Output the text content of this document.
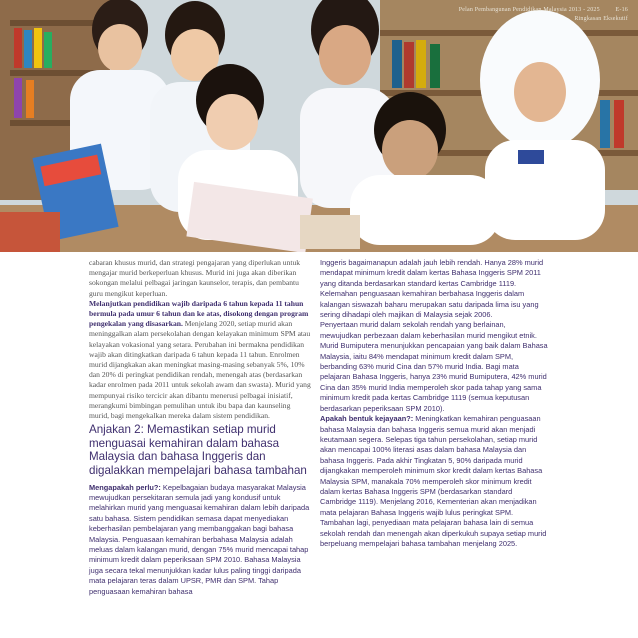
Pelan Pembangunan Pendidikan Malaysia 2013 - 2025	E-16
Ringkasan Eksekutif

cabaran khusus murid, dan strategi pengajaran yang diperlukan untuk mengajar murid berkeperluan khusus. Murid ini juga akan diberikan sokongan melalui pelbagai jaringan kaunselor, terapis, dan pembantu guru mengikut keperluan.

Melanjutkan pendidikan wajib daripada 6 tahun kepada 11 tahun bermula pada umur 6 tahun dan ke atas, disokong dengan program pengekalan yang disasarkan. Menjelang 2020, setiap murid akan meninggalkan alam persekolahan dengan kelayakan minimum SPM atau kelayakan vokasional yang setara. Perubahan ini bermakna pendidikan wajib akan ditingkatkan daripada 6 tahun kepada 11 tahun. Enrolmen murid dijangkakan akan meningkat masing-masing sebanyak 5%, 10% dan 20% di peringkat pendidikan rendah, menengah atas (berdasarkan kadar enrolmen pada 2011 untuk sekolah awam dan swasta). Murid yang mempunyai risiko tercicir akan dibantu menerusi pelbagai inisiatif, merangkumi bimbingan pemulihan untuk ibu bapa dan kaunseling murid, bagi mengekalkan mereka dalam sistem pendidikan.

Anjakan 2: Memastikan setiap murid menguasai kemahiran dalam bahasa Malaysia dan bahasa Inggeris dan digalakkan mempelajari bahasa tambahan

Mengapakah perlu?: Kepelbagaian budaya masyarakat Malaysia mewujudkan persekitaran semula jadi yang kondusif untuk melahirkan murid yang menguasai kemahiran dalam lebih daripada satu bahasa. Sistem pendidikan semasa dapat menyediakan keberhasilan pembelajaran yang membanggakan bagi bahasa Malaysia. Penguasaan kemahiran berbahasa Malaysia adalah meluas dalam kalangan murid, dengan 75% murid mencapai tahap minimum kredit dalam peperiksaan SPM 2010. Bahasa Malaysia juga secara tekal menunjukkan kadar lulus paling tinggi daripada mata pelajaran teras dalam UPSR, PMR dan SPM. Tahap penguasaan kemahiran bahasa

Inggeris bagaimanapun adalah jauh lebih rendah. Hanya 28% murid mendapat minimum kredit dalam kertas Bahasa Inggeris SPM 2011 yang ditanda berdasarkan standard kertas Cambridge 1119. Kelemahan penguasaan kemahiran berbahasa Inggeris dalam kalangan siswazah baharu merupakan satu daripada lima isu yang sering dihadapi oleh majikan di Malaysia sejak 2006.

Penyertaan murid dalam sekolah rendah yang berlainan, mewujudkan perbezaan dalam keberhasilan murid mengikut etnik. Murid Bumiputera menunjukkan pencapaian yang baik dalam Bahasa Malaysia, iaitu 84% mendapat minimum kredit dalam SPM, berbanding 63% murid Cina dan 57% murid India. Bagi mata pelajaran Bahasa Inggeris, hanya 23% murid Bumiputera, 42% murid Cina dan 35% murid India memperoleh skor pada tahap yang sama minimum kredit pada kertas Cambridge 1119 (semua keputusan berdasarkan peperiksaan SPM 2010).

Apakah bentuk kejayaan?: Meningkatkan kemahiran penguasaan bahasa Malaysia dan bahasa Inggeris semua murid akan menjadi keutamaan segera. Selepas tiga tahun persekolahan, setiap murid akan mencapai 100% literasi asas dalam bahasa Malaysia dan bahasa Inggeris. Pada akhir Tingkatan 5, 90% daripada murid dijangkakan memperoleh minimum skor kredit dalam kertas Bahasa Malaysia SPM, manakala 70% memperoleh skor minimum kredit dalam kertas Bahasa Inggeris SPM (berdasarkan standard Cambridge 1119). Menjelang 2016, Kementerian akan menjadikan mata pelajaran Bahasa Inggeris wajib lulus peringkat SPM. Tambahan lagi, penyediaan mata pelajaran bahasa lain di semua sekolah rendah dan menengah akan diperkukuh supaya setiap murid berpeluang mempelajari bahasa tambahan menjelang 2025.
